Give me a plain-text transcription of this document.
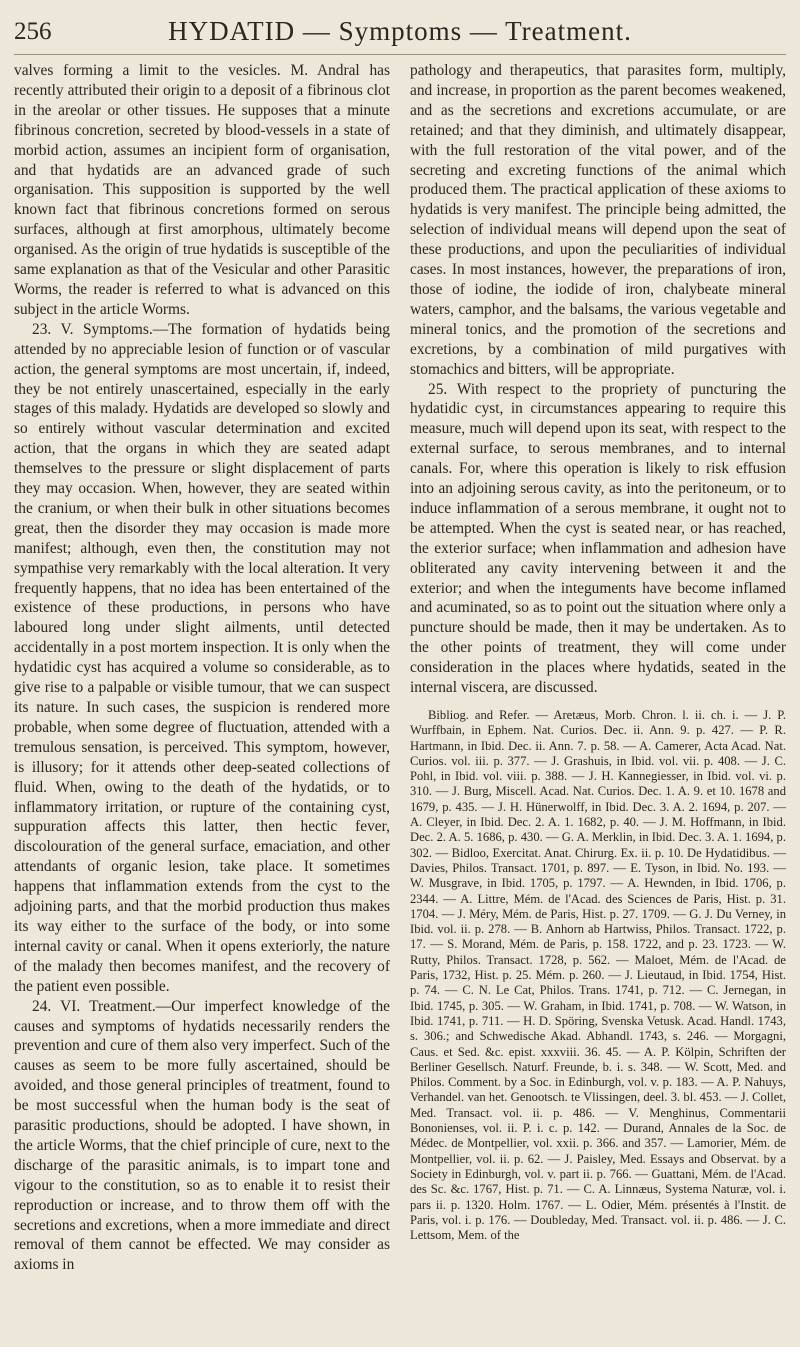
256	HYDATID — Symptoms — Treatment.

valves forming a limit to the vesicles. M. Andral has recently attributed their origin to a deposit of a fibrinous clot in the areolar or other tissues. He supposes that a minute fibrinous concretion, secreted by blood-vessels in a state of morbid action, assumes an incipient form of organisation, and that hydatids are an advanced grade of such organisation. This supposition is supported by the well known fact that fibrinous concretions formed on serous surfaces, although at first amorphous, ultimately become organised. As the origin of true hydatids is susceptible of the same explanation as that of the Vesicular and other Parasitic Worms, the reader is referred to what is advanced on this subject in the article Worms.

23. V. Symptoms.—The formation of hydatids being attended by no appreciable lesion of function or of vascular action, the general symptoms are most uncertain, if, indeed, they be not entirely unascertained, especially in the early stages of this malady. Hydatids are developed so slowly and so entirely without vascular determination and excited action, that the organs in which they are seated adapt themselves to the pressure or slight displacement of parts they may occasion. When, however, they are seated within the cranium, or when their bulk in other situations becomes great, then the disorder they may occasion is made more manifest; although, even then, the constitution may not sympathise very remarkably with the local alteration. It very frequently happens, that no idea has been entertained of the existence of these productions, in persons who have laboured long under slight ailments, until detected accidentally in a post mortem inspection. It is only when the hydatidic cyst has acquired a volume so considerable, as to give rise to a palpable or visible tumour, that we can suspect its nature. In such cases, the suspicion is rendered more probable, when some degree of fluctuation, attended with a tremulous sensation, is perceived. This symptom, however, is illusory; for it attends other deep-seated collections of fluid. When, owing to the death of the hydatids, or to inflammatory irritation, or rupture of the containing cyst, suppuration affects this latter, then hectic fever, discolouration of the general surface, emaciation, and other attendants of organic lesion, take place. It sometimes happens that inflammation extends from the cyst to the adjoining parts, and that the morbid production thus makes its way either to the surface of the body, or into some internal cavity or canal. When it opens exteriorly, the nature of the malady then becomes manifest, and the recovery of the patient even possible.

24. VI. Treatment.—Our imperfect knowledge of the causes and symptoms of hydatids necessarily renders the prevention and cure of them also very imperfect. Such of the causes as seem to be more fully ascertained, should be avoided, and those general principles of treatment, found to be most successful when the human body is the seat of parasitic productions, should be adopted. I have shown, in the article Worms, that the chief principle of cure, next to the discharge of the parasitic animals, is to impart tone and vigour to the constitution, so as to enable it to resist their reproduction or increase, and to throw them off with the secretions and excretions, when a more immediate and direct removal of them cannot be effected. We may consider as axioms in

pathology and therapeutics, that parasites form, multiply, and increase, in proportion as the parent becomes weakened, and as the secretions and excretions accumulate, or are retained; and that they diminish, and ultimately disappear, with the full restoration of the vital power, and of the secreting and excreting functions of the animal which produced them. The practical application of these axioms to hydatids is very manifest. The principle being admitted, the selection of individual means will depend upon the seat of these productions, and upon the peculiarities of individual cases. In most instances, however, the preparations of iron, those of iodine, the iodide of iron, chalybeate mineral waters, camphor, and the balsams, the various vegetable and mineral tonics, and the promotion of the secretions and excretions, by a combination of mild purgatives with stomachics and bitters, will be appropriate.

25. With respect to the propriety of puncturing the hydatidic cyst, in circumstances appearing to require this measure, much will depend upon its seat, with respect to the external surface, to serous membranes, and to internal canals. For, where this operation is likely to risk effusion into an adjoining serous cavity, as into the peritoneum, or to induce inflammation of a serous membrane, it ought not to be attempted. When the cyst is seated near, or has reached, the exterior surface; when inflammation and adhesion have obliterated any cavity intervening between it and the exterior; and when the integuments have become inflamed and acuminated, so as to point out the situation where only a puncture should be made, then it may be undertaken. As to the other points of treatment, they will come under consideration in the places where hydatids, seated in the internal viscera, are discussed.

Bibliog. and Refer. — Aretæus, Morb. Chron. l. ii. ch. i. — J. P. Wurffbain, in Ephem. Nat. Curios. Dec. ii. Ann. 9. p. 427. — P. R. Hartmann, in Ibid. Dec. ii. Ann. 7. p. 58. — A. Camerer, Acta Acad. Nat. Curios. vol. iii. p. 377. — J. Grashuis, in Ibid. vol. vii. p. 408. — J. C. Pohl, in Ibid. vol. viii. p. 388. — J. H. Kannegiesser, in Ibid. vol. vi. p. 310. — J. Burg, Miscell. Acad. Nat. Curios. Dec. 1. A. 9. et 10. 1678 and 1679, p. 435. — J. H. Hünerwolff, in Ibid. Dec. 3. A. 2. 1694, p. 207. — A. Cleyer, in Ibid. Dec. 2. A. 1. 1682, p. 40. — J. M. Hoffmann, in Ibid. Dec. 2. A. 5. 1686, p. 430. — G. A. Merklin, in Ibid. Dec. 3. A. 1. 1694, p. 302. — Bidloo, Exercitat. Anat. Chirurg. Ex. ii. p. 10. De Hydatidibus. — Davies, Philos. Transact. 1701, p. 897. — E. Tyson, in Ibid. No. 193. — W. Musgrave, in Ibid. 1705, p. 1797. — A. Hewnden, in Ibid. 1706, p. 2344. — A. Littre, Mém. de l'Acad. des Sciences de Paris, Hist. p. 31. 1704. — J. Méry, Mém. de Paris, Hist. p. 27. 1709. — G. J. Du Verney, in Ibid. vol. ii. p. 278. — B. Anhorn ab Hartwiss, Philos. Transact. 1722, p. 17. — S. Morand, Mém. de Paris, p. 158. 1722, and p. 23. 1723. — W. Rutty, Philos. Transact. 1728, p. 562. — Maloet, Mém. de l'Acad. de Paris, 1732, Hist. p. 25. Mém. p. 260. — J. Lieutaud, in Ibid. 1754, Hist. p. 74. — C. N. Le Cat, Philos. Trans. 1741, p. 712. — C. Jernegan, in Ibid. 1745, p. 305. — W. Graham, in Ibid. 1741, p. 708. — W. Watson, in Ibid. 1741, p. 711. — H. D. Spöring, Svenska Vetusk. Acad. Handl. 1743, s. 306.; and Schwedische Akad. Abhandl. 1743, s. 246. — Morgagni, Caus. et Sed. &c. epist. xxxviii. 36. 45. — A. P. Kölpin, Schriften der Berliner Gesellsch. Naturf. Freunde, b. i. s. 348. — W. Scott, Med. and Philos. Comment. by a Soc. in Edinburgh, vol. v. p. 183. — A. P. Nahuys, Verhandel. van het. Genootsch. te Vlissingen, deel. 3. bl. 453. — J. Collet, Med. Transact. vol. ii. p. 486. — V. Menghinus, Commentarii Bononienses, vol. ii. P. i. c. p. 142. — Durand, Annales de la Soc. de Médec. de Montpellier, vol. xxii. p. 366. and 357. — Lamorier, Mém. de Montpellier, vol. ii. p. 62. — J. Paisley, Med. Essays and Observat. by a Society in Edinburgh, vol. v. part ii. p. 766. — Guattani, Mém. de l'Acad. des Sc. &c. 1767, Hist. p. 71. — C. A. Linnæus, Systema Naturæ, vol. i. pars ii. p. 1320. Holm. 1767. — L. Odier, Mém. présentés à l'Instit. de Paris, vol. i. p. 176. — Doubleday, Med. Transact. vol. ii. p. 486. — J. C. Lettsom, Mem. of the
